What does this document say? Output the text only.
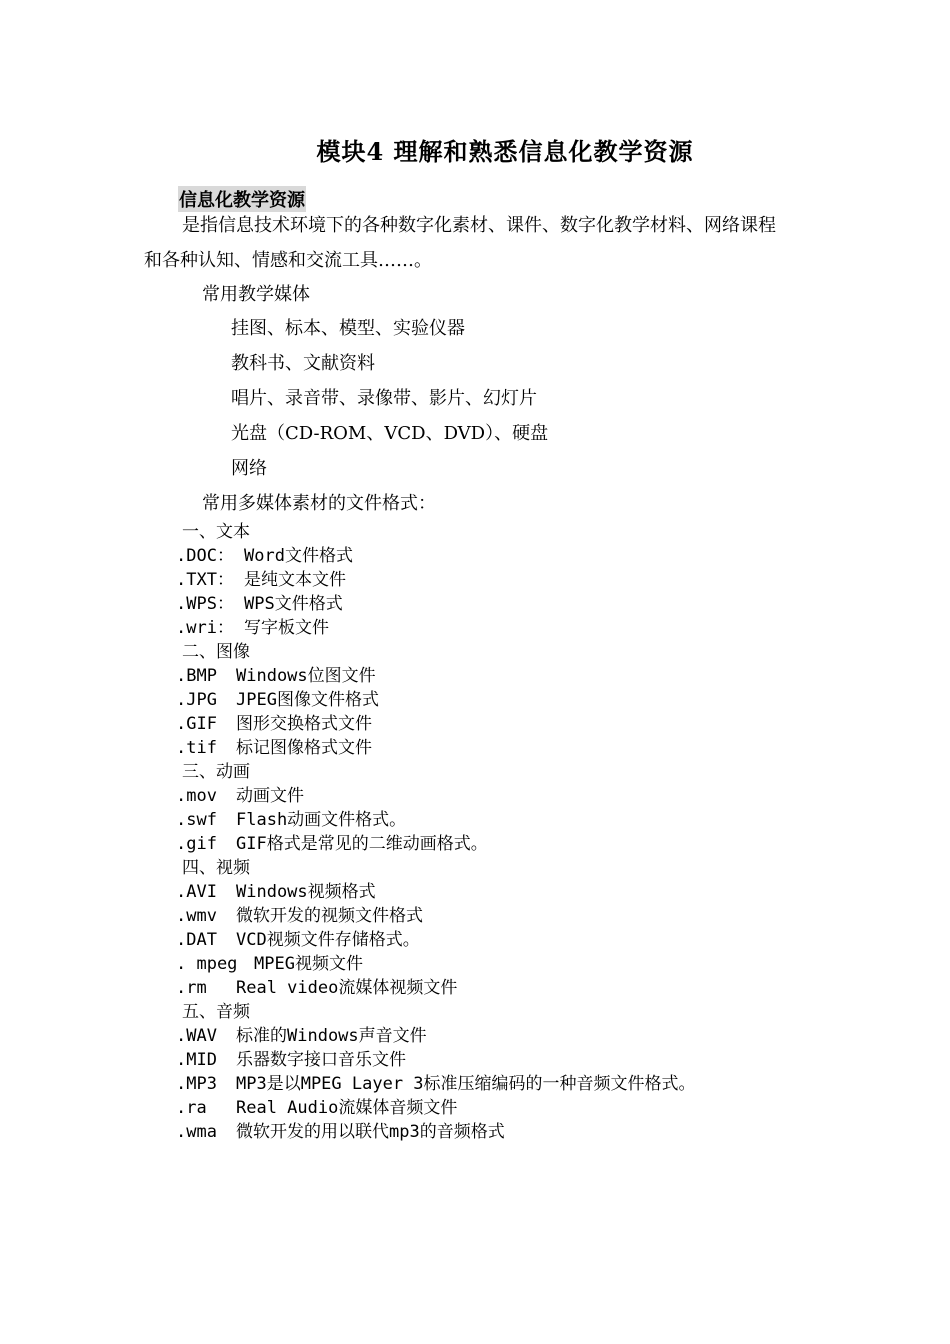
模块4 理解和熟悉信息化教学资源
信息化教学资源
是指信息技术环境下的各种数字化素材、课件、数字化教学材料、网络课程
和各种认知、情感和交流工具……。
常用教学媒体
挂图、标本、模型、实验仪器
教科书、文献资料
唱片、录音带、录像带、影片、幻灯片
光盘（CD-ROM、VCD、DVD）、硬盘
网络
常用多媒体素材的文件格式：
一、文本
.DOC： Word文件格式
.TXT： 是纯文本文件
.WPS： WPS文件格式
.wri： 写字板文件
二、图像
.BMP Windows位图文件
.JPG JPEG图像文件格式
.GIF 图形交换格式文件
.tif 标记图像格式文件
三、动画
.mov 动画文件
.swf Flash动画文件格式。
.gif GIF格式是常见的二维动画格式。
四、视频
.AVI Windows视频格式
.wmv 微软开发的视频文件格式
.DAT VCD视频文件存储格式。
. mpeg MPEG视频文件
.rm Real video流媒体视频文件
五、音频
.WAV 标准的Windows声音文件
.MID 乐器数字接口音乐文件
.MP3 MP3是以MPEG Layer 3标准压缩编码的一种音频文件格式。
.ra Real Audio流媒体音频文件
.wma 微软开发的用以联代mp3的音频格式
